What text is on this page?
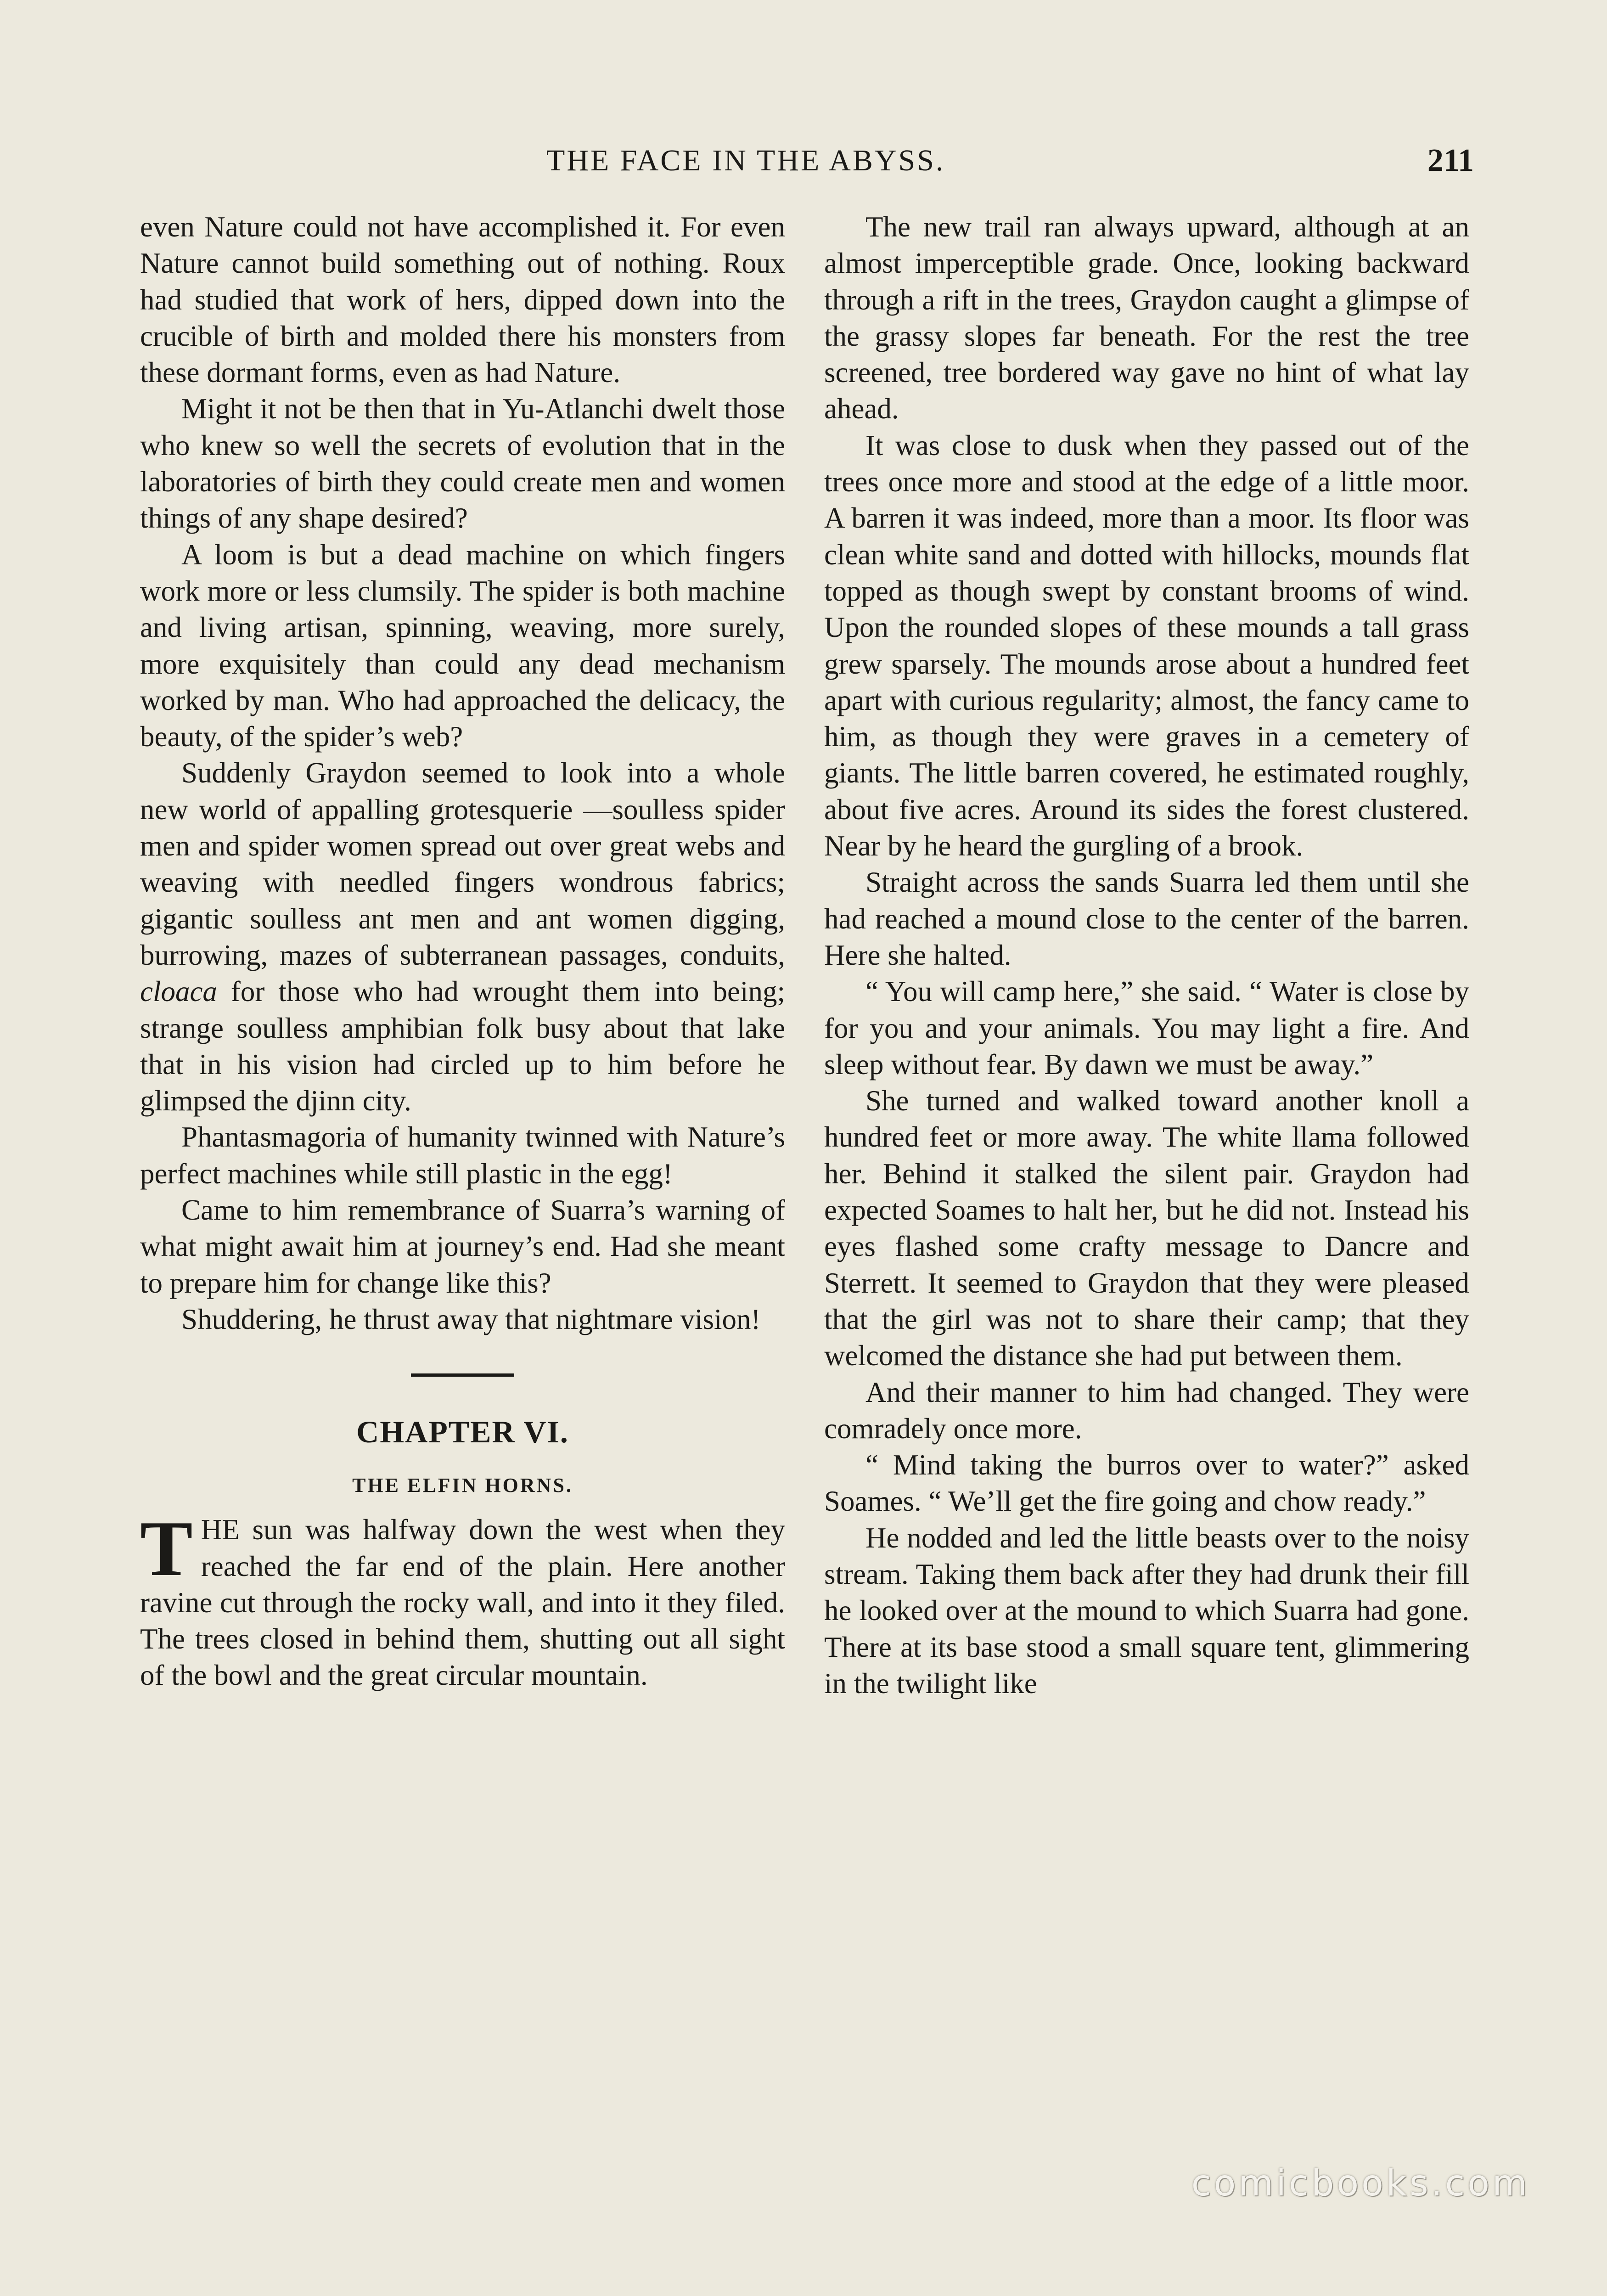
THE FACE IN THE ABYSS.	211

even Nature could not have accomplished it. For even Nature cannot build something out of nothing. Roux had studied that work of hers, dipped down into the crucible of birth and molded there his monsters from these dormant forms, even as had Nature.

Might it not be then that in Yu-Atlanchi dwelt those who knew so well the secrets of evolution that in the laboratories of birth they could create men and women things of any shape desired?

A loom is but a dead machine on which fingers work more or less clumsily. The spider is both machine and living artisan, spinning, weaving, more surely, more exquisitely than could any dead mechanism worked by man. Who had approached the delicacy, the beauty, of the spider’s web?

Suddenly Graydon seemed to look into a whole new world of appalling grotesquerie —soulless spider men and spider women spread out over great webs and weaving with needled fingers wondrous fabrics; gigantic soulless ant men and ant women digging, burrowing, mazes of subterranean passages, conduits, cloaca for those who had wrought them into being; strange soulless amphibian folk busy about that lake that in his vision had circled up to him before he glimpsed the djinn city.

Phantasmagoria of humanity twinned with Nature’s perfect machines while still plastic in the egg!

Came to him remembrance of Suarra’s warning of what might await him at journey’s end. Had she meant to prepare him for change like this?

Shuddering, he thrust away that nightmare vision!

CHAPTER VI.
THE ELFIN HORNS.

THE sun was halfway down the west when they reached the far end of the plain. Here another ravine cut through the rocky wall, and into it they filed. The trees closed in behind them, shutting out all sight of the bowl and the great circular mountain.

The new trail ran always upward, although at an almost imperceptible grade. Once, looking backward through a rift in the trees, Graydon caught a glimpse of the grassy slopes far beneath. For the rest the tree screened, tree bordered way gave no hint of what lay ahead.

It was close to dusk when they passed out of the trees once more and stood at the edge of a little moor. A barren it was indeed, more than a moor. Its floor was clean white sand and dotted with hillocks, mounds flat topped as though swept by constant brooms of wind. Upon the rounded slopes of these mounds a tall grass grew sparsely. The mounds arose about a hundred feet apart with curious regularity; almost, the fancy came to him, as though they were graves in a cemetery of giants. The little barren covered, he estimated roughly, about five acres. Around its sides the forest clustered. Near by he heard the gurgling of a brook.

Straight across the sands Suarra led them until she had reached a mound close to the center of the barren. Here she halted.

“ You will camp here,” she said. “ Water is close by for you and your animals. You may light a fire. And sleep without fear. By dawn we must be away.”

She turned and walked toward another knoll a hundred feet or more away. The white llama followed her. Behind it stalked the silent pair. Graydon had expected Soames to halt her, but he did not. Instead his eyes flashed some crafty message to Dancre and Sterrett. It seemed to Graydon that they were pleased that the girl was not to share their camp; that they welcomed the distance she had put between them.

And their manner to him had changed. They were comradely once more.

“ Mind taking the burros over to water?” asked Soames. “ We’ll get the fire going and chow ready.”

He nodded and led the little beasts over to the noisy stream. Taking them back after they had drunk their fill he looked over at the mound to which Suarra had gone. There at its base stood a small square tent, glimmering in the twilight like

comicbooks.com
